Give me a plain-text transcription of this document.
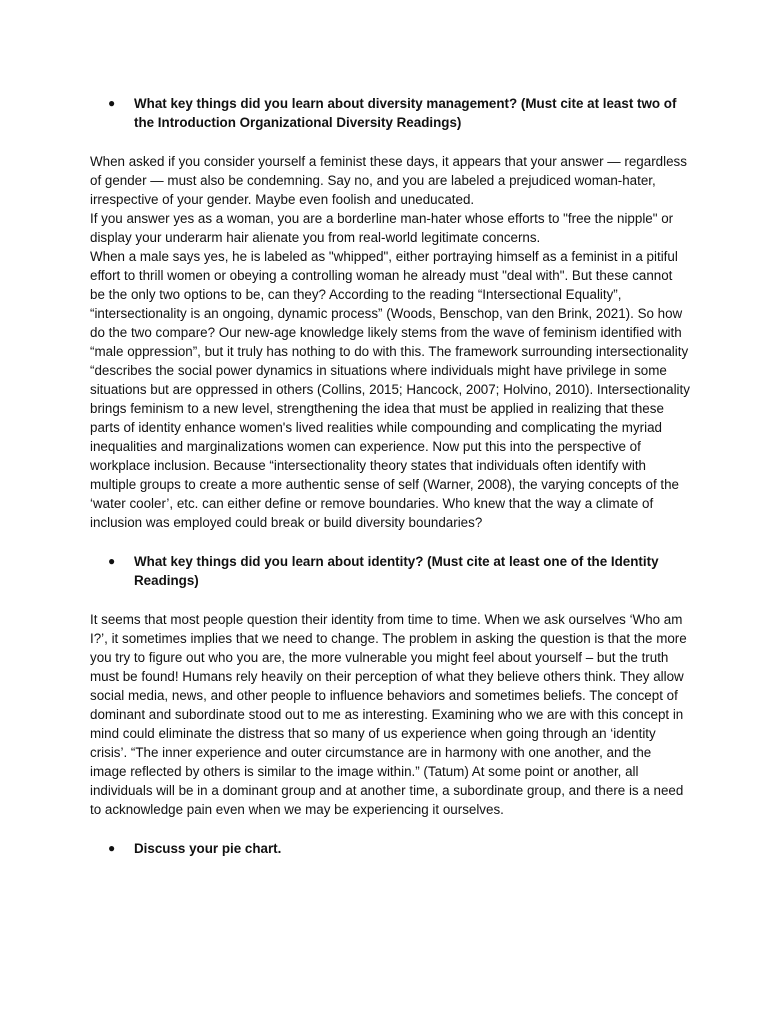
●	What key things did you learn about diversity management? (Must cite at least two of the Introduction Organizational Diversity Readings)

When asked if you consider yourself a feminist these days, it appears that your answer — regardless of gender — must also be condemning. Say no, and you are labeled a prejudiced woman-hater, irrespective of your gender. Maybe even foolish and uneducated.

If you answer yes as a woman, you are a borderline man-hater whose efforts to "free the nipple" or display your underarm hair alienate you from real-world legitimate concerns.

When a male says yes, he is labeled as "whipped", either portraying himself as a feminist in a pitiful effort to thrill women or obeying a controlling woman he already must "deal with". But these cannot be the only two options to be, can they? According to the reading “Intersectional Equality”, “intersectionality is an ongoing, dynamic process” (Woods, Benschop, van den Brink, 2021). So how do the two compare? Our new-age knowledge likely stems from the wave of feminism identified with “male oppression”, but it truly has nothing to do with this. The framework surrounding intersectionality “describes the social power dynamics in situations where individuals might have privilege in some situations but are oppressed in others (Collins, 2015; Hancock, 2007; Holvino, 2010). Intersectionality brings feminism to a new level, strengthening the idea that must be applied in realizing that these parts of identity enhance women's lived realities while compounding and complicating the myriad inequalities and marginalizations women can experience. Now put this into the perspective of workplace inclusion. Because “intersectionality theory states that individuals often identify with multiple groups to create a more authentic sense of self (Warner, 2008), the varying concepts of the ‘water cooler’, etc. can either define or remove boundaries. Who knew that the way a climate of inclusion was employed could break or build diversity boundaries?

●	What key things did you learn about identity? (Must cite at least one of the Identity Readings)

It seems that most people question their identity from time to time. When we ask ourselves ‘Who am I?’, it sometimes implies that we need to change. The problem in asking the question is that the more you try to figure out who you are, the more vulnerable you might feel about yourself – but the truth must be found! Humans rely heavily on their perception of what they believe others think. They allow social media, news, and other people to influence behaviors and sometimes beliefs. The concept of dominant and subordinate stood out to me as interesting. Examining who we are with this concept in mind could eliminate the distress that so many of us experience when going through an ‘identity crisis’. “The inner experience and outer circumstance are in harmony with one another, and the image reflected by others is similar to the image within.” (Tatum) At some point or another, all individuals will be in a dominant group and at another time, a subordinate group, and there is a need to acknowledge pain even when we may be experiencing it ourselves.

●	Discuss your pie chart.
